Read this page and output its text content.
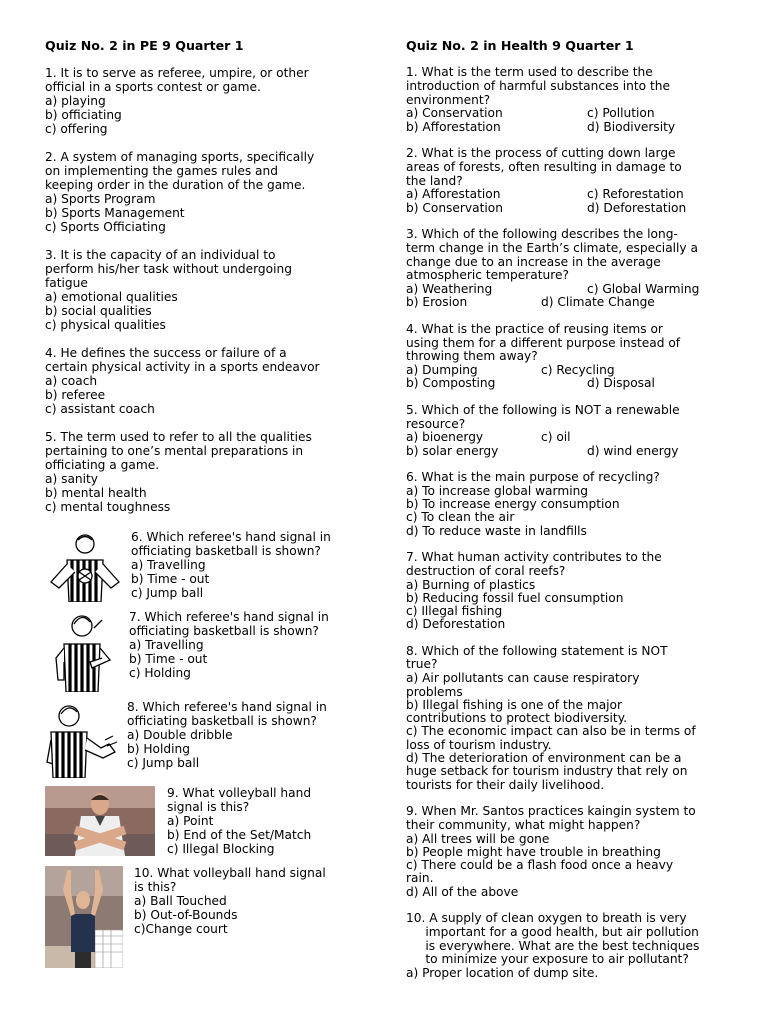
Quiz No. 2 in PE 9 Quarter 1
1. It is to serve as referee, umpire, or other
official in a sports contest or game.
a) playing
b) officiating
c) offering
2. A system of managing sports, specifically
on implementing the games rules and
keeping order in the duration of the game.
a) Sports Program
b) Sports Management
c) Sports Officiating
3. It is the capacity of an individual to
perform his/her task without undergoing
fatigue
a) emotional qualities
b) social qualities
c) physical qualities
4. He defines the success or failure of a
certain physical activity in a sports endeavor
a) coach
b) referee
c) assistant coach
5. The term used to refer to all the qualities
pertaining to one’s mental preparations in
officiating a game.
a) sanity
b) mental health
c) mental toughness
6. Which referee's hand signal in
officiating basketball is shown?
a) Travelling
b) Time - out
c) Jump ball
7. Which referee's hand signal in
officiating basketball is shown?
a) Travelling
b) Time - out
c) Holding
8. Which referee's hand signal in
officiating basketball is shown?
a) Double dribble
b) Holding
c) Jump ball
9. What volleyball hand
signal is this?
a) Point
b) End of the Set/Match
c) Illegal Blocking
10. What volleyball hand signal
is this?
a) Ball Touched
b) Out-of-Bounds
c)Change court
Quiz No. 2 in Health 9 Quarter 1
1. What is the term used to describe the
introduction of harmful substances into the
environment?
a) Conservation	c) Pollution
b) Afforestation	d) Biodiversity
2. What is the process of cutting down large
areas of forests, often resulting in damage to
the land?
a) Afforestation	c) Reforestation
b) Conservation	d) Deforestation
3. Which of the following describes the long-
term change in the Earth’s climate, especially a
change due to an increase in the average
atmospheric temperature?
a) Weathering	c) Global Warming
b) Erosion	d) Climate Change
4. What is the practice of reusing items or
using them for a different purpose instead of
throwing them away?
a) Dumping	c) Recycling
b) Composting	d) Disposal
5. Which of the following is NOT a renewable
resource?
a) bioenergy	c) oil
b) solar energy	d) wind energy
6. What is the main purpose of recycling?
a) To increase global warming
b) To increase energy consumption
c) To clean the air
d) To reduce waste in landfills
7. What human activity contributes to the
destruction of coral reefs?
a) Burning of plastics
b) Reducing fossil fuel consumption
c) Illegal fishing
d) Deforestation
8. Which of the following statement is NOT
true?
a) Air pollutants can cause respiratory
problems
b) Illegal fishing is one of the major
contributions to protect biodiversity.
c) The economic impact can also be in terms of
loss of tourism industry.
d) The deterioration of environment can be a
huge setback for tourism industry that rely on
tourists for their daily livelihood.
9. When Mr. Santos practices kaingin system to
their community, what might happen?
a) All trees will be gone
b) People might have trouble in breathing
c) There could be a flash food once a heavy
rain.
d) All of the above
10. A supply of clean oxygen to breath is very
important for a good health, but air pollution
is everywhere. What are the best techniques
to minimize your exposure to air pollutant?
a) Proper location of dump site.
